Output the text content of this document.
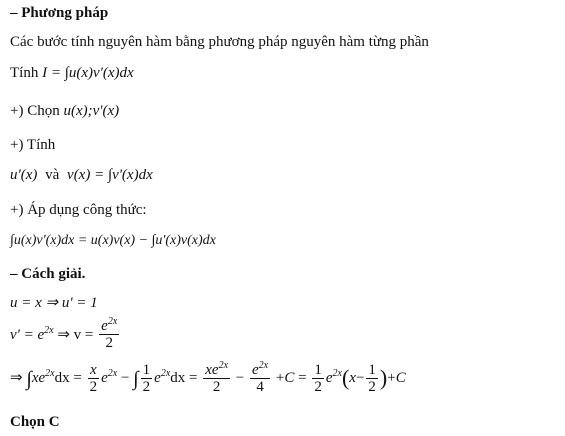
– Phương pháp
Các bước tính nguyên hàm bằng phương pháp nguyên hàm từng phần
Tính I = ∫u(x)v'(x)dx
+) Chọn u(x);v'(x)
+) Tính
u'(x) và v(x) = ∫v'(x)dx
+) Áp dụng công thức:
∫u(x)v'(x)dx = u(x)v(x) − ∫u'(x)v(x)dx
– Cách giải.
u = x ⇒ u' = 1
$v' = e^{2x}$ ⇒ $v = \frac{e^{2x}}{2}$
⇒ $\int xe^{2x}dx = \frac{x}{2} e^{2x}$ − ∫ $\frac{1}{2} e^{2x}dx = \frac{xe^{2x}}{2} - \frac{e^{2x}}{4} +C = \frac{1}{2} e^{2x}(x- \frac{1}{2} )+C$
Chọn C
